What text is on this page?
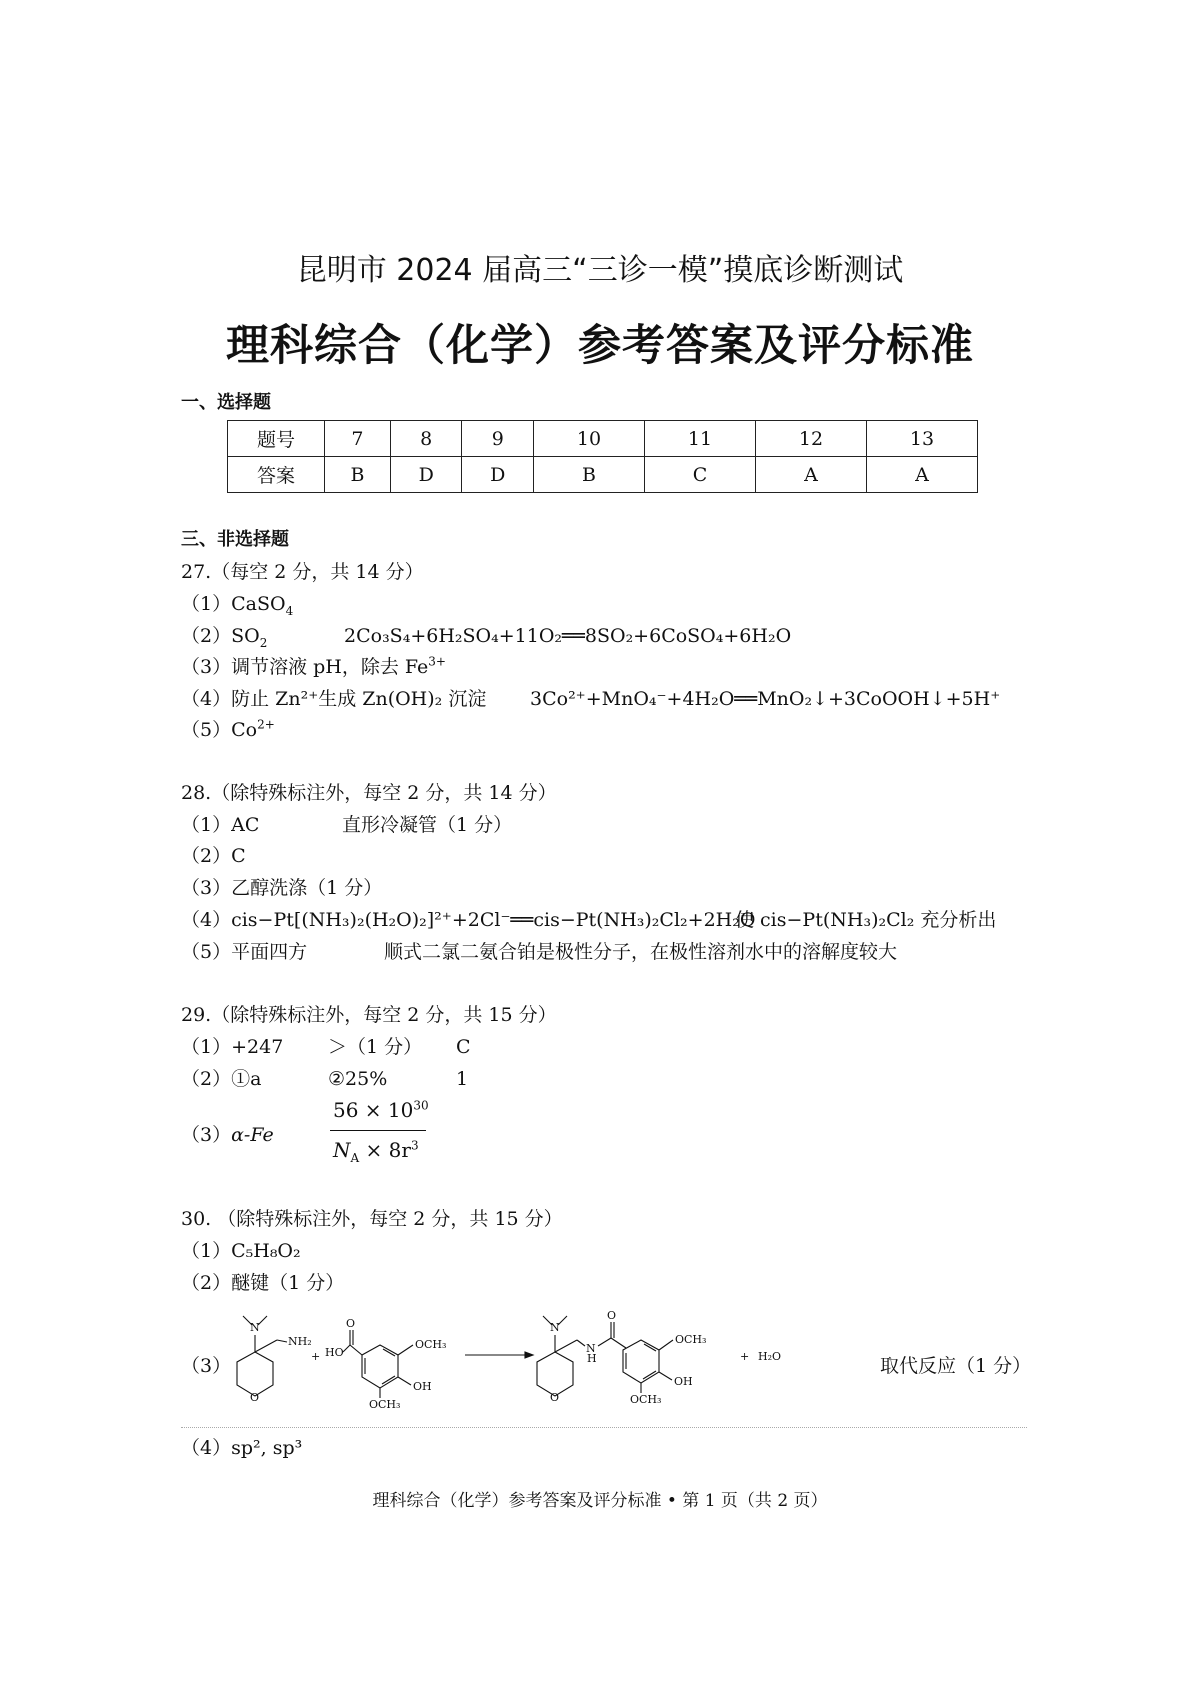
昆明市 2024 届高三“三诊一模”摸底诊断测试
理科综合（化学）参考答案及评分标准
一、选择题
题号	7	8	9	10	11	12	13
答案	B	D	D	B	C	A	A
三、非选择题
27.（每空 2 分，共 14 分）
（1）CaSO$_4$
$(2)SO_2$	2Co₃S₄+6H₂SO₄+11O₂══8SO₂+6CoSO₄+6H₂O
（3）调节溶液 pH，除去 $Fe^{3+}$
（4）防止 Zn²⁺生成 Zn(OH)₂ 沉淀 3Co²⁺+MnO₄⁻+4H₂O══MnO₂↓+3CoOOH↓+5H⁺
$(5)Co^{2+}$
28.（除特殊标注外，每空 2 分，共 14 分）
（1）AC	直形冷凝管（1 分）
（2）C
（3）乙醇洗涤（1 分）
（4）cis−Pt[(NH₃)₂(H₂O)₂]²⁺+2Cl⁻══cis−Pt(NH₃)₂Cl₂+2H₂O
使 cis−Pt(NH₃)₂Cl₂ 充分析出
（5）平面四方	顺式二氯二氨合铂是极性分子，在极性溶剂水中的溶解度较大
29.（除特殊标注外，每空 2 分，共 15 分）
（1）+247 ＞（1 分） C
（2）①a	②25%	1
（3）α-Fe
$56 \times 10^{30}$
$N_A \times 8r^3$
30. （除特殊标注外，每空 2 分，共 15 分）
（1）C₅H₈O₂
（2）醚键（1 分）
（3）
N
NH₂
O
+
O
HO
OCH₃
OH
OCH₃
N
O
N
H
O
OCH₃
OH
OCH₃
+ H₂O	取代反应（1 分）
（4）sp², sp³
理科综合（化学）参考答案及评分标准 • 第 1 页（共 2 页）
